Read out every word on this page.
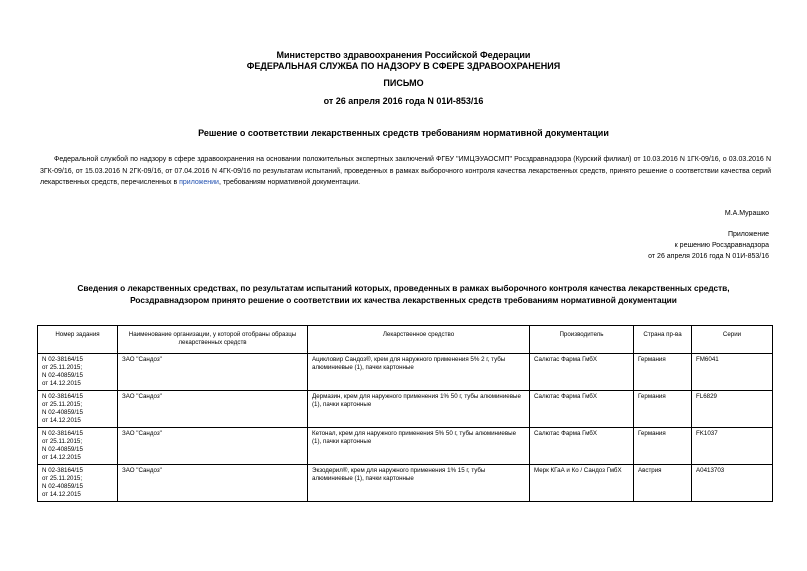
Министерство здравоохранения Российской Федерации
ФЕДЕРАЛЬНАЯ СЛУЖБА ПО НАДЗОРУ В СФЕРЕ ЗДРАВООХРАНЕНИЯ
ПИСЬМО
от 26 апреля 2016 года N 01И-853/16
Решение о соответствии лекарственных средств требованиям нормативной документации
Федеральной службой по надзору в сфере здравоохранения на основании положительных экспертных заключений ФГБУ "ИМЦЭУАОСМП" Росздравнадзора (Курский филиал) от 10.03.2016 N 1ГК-09/16, о 03.03.2016 N 3ГК-09/16, от 15.03.2016 N 2ГК-09/16, от 07.04.2016 N 4ГК-09/16 по результатам испытаний, проведенных в рамках выборочного контроля качества лекарственных средств, принято решение о соответствии качества серий лекарственных средств, перечисленных в приложении, требованиям нормативной документации.
М.А.Мурашко
Приложение
к решению Росздравнадзора
от 26 апреля 2016 года N 01И-853/16
Сведения о лекарственных средствах, по результатам испытаний которых, проведенных в рамках выборочного контроля качества лекарственных средств,
Росздравнадзором принято решение о соответствии их качества лекарственных средств требованиям нормативной документации
Номер задания	Наименование организации, у которой отобраны образцы лекарственных средств	Лекарственное средство	Производитель	Страна пр-ва	Серии

N 02-38164/15
от 25.11.2015;
N 02-40859/15
от 14.12.2015	ЗАО "Сандоз"	Ацикловир Сандоз®, крем для наружного применения 5% 2 г, тубы алюминиевые (1), пачки картонные	Салютас Фарма ГмбХ	Германия	FM6041

N 02-38164/15
от 25.11.2015;
N 02-40859/15
от 14.12.2015	ЗАО "Сандоз"	Дермазин, крем для наружного применения 1% 50 г, тубы алюминиевые (1), пачки картонные	Салютас Фарма ГмбХ	Германия	FL6829

N 02-38164/15
от 25.11.2015;
N 02-40859/15
от 14.12.2015	ЗАО "Сандоз"	Кетонал, крем для наружного применения 5% 50 г, тубы алюминиевые (1), пачки картонные	Салютас Фарма ГмбХ	Германия	FK1037

N 02-38164/15
от 25.11.2015;
N 02-40859/15
от 14.12.2015	ЗАО "Сандоз"	Экзодерил®, крем для наружного применения 1% 15 г, тубы алюминиевые (1), пачки картонные	Мерк КГаА и Ко / Сандоз ГмбХ	Австрия	A0413703
